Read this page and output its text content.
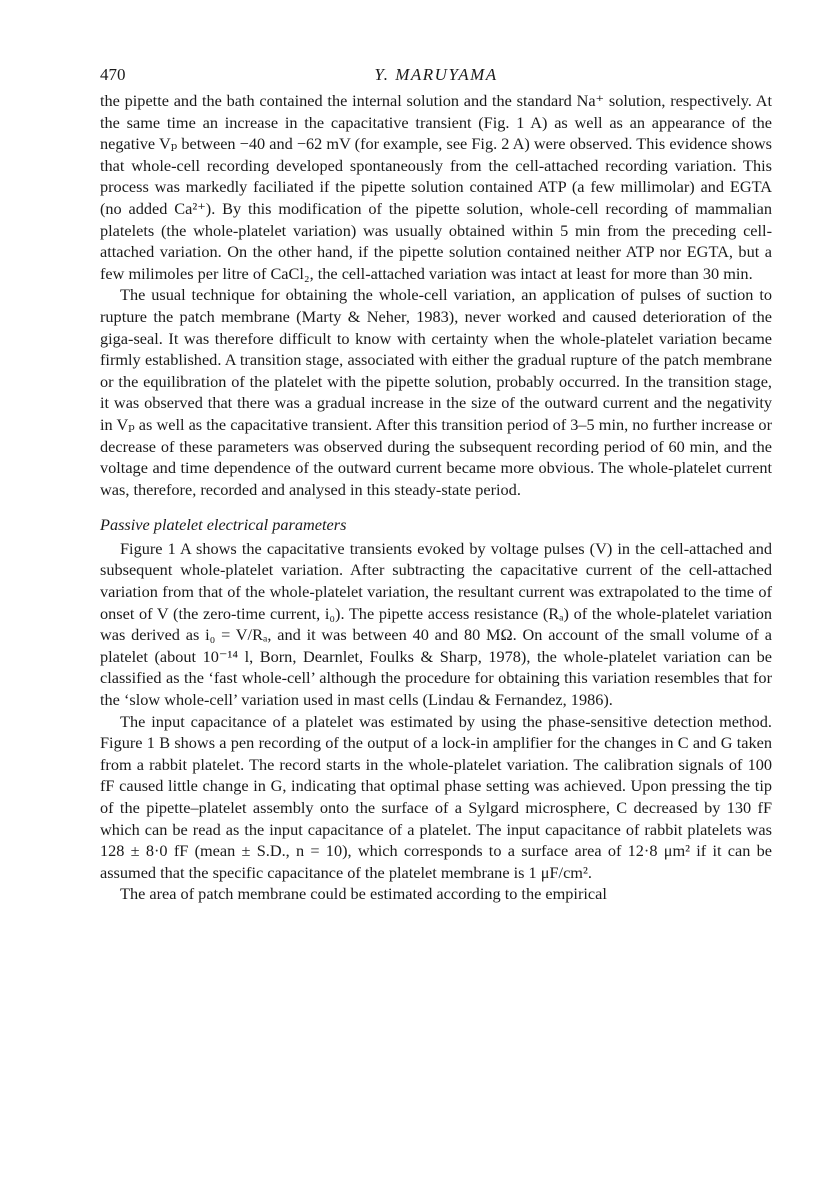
470	Y. MARUYAMA

the pipette and the bath contained the internal solution and the standard Na⁺ solution, respectively. At the same time an increase in the capacitative transient (Fig. 1 A) as well as an appearance of the negative Vₚ between −40 and −62 mV (for example, see Fig. 2 A) were observed. This evidence shows that whole-cell recording developed spontaneously from the cell-attached recording variation. This process was markedly faciliated if the pipette solution contained ATP (a few millimolar) and EGTA (no added Ca²⁺). By this modification of the pipette solution, whole-cell recording of mammalian platelets (the whole-platelet variation) was usually obtained within 5 min from the preceding cell-attached variation. On the other hand, if the pipette solution contained neither ATP nor EGTA, but a few milimoles per litre of CaCl₂, the cell-attached variation was intact at least for more than 30 min.

The usual technique for obtaining the whole-cell variation, an application of pulses of suction to rupture the patch membrane (Marty & Neher, 1983), never worked and caused deterioration of the giga-seal. It was therefore difficult to know with certainty when the whole-platelet variation became firmly established. A transition stage, associated with either the gradual rupture of the patch membrane or the equilibration of the platelet with the pipette solution, probably occurred. In the transition stage, it was observed that there was a gradual increase in the size of the outward current and the negativity in Vₚ as well as the capacitative transient. After this transition period of 3–5 min, no further increase or decrease of these parameters was observed during the subsequent recording period of 60 min, and the voltage and time dependence of the outward current became more obvious. The whole-platelet current was, therefore, recorded and analysed in this steady-state period.

Passive platelet electrical parameters

Figure 1 A shows the capacitative transients evoked by voltage pulses (V) in the cell-attached and subsequent whole-platelet variation. After subtracting the capacitative current of the cell-attached variation from that of the whole-platelet variation, the resultant current was extrapolated to the time of onset of V (the zero-time current, i₀). The pipette access resistance (Rₐ) of the whole-platelet variation was derived as i₀ = V/Rₐ, and it was between 40 and 80 MΩ. On account of the small volume of a platelet (about 10⁻¹⁴ l, Born, Dearnlet, Foulks & Sharp, 1978), the whole-platelet variation can be classified as the ‘fast whole-cell’ although the procedure for obtaining this variation resembles that for the ‘slow whole-cell’ variation used in mast cells (Lindau & Fernandez, 1986).

The input capacitance of a platelet was estimated by using the phase-sensitive detection method. Figure 1 B shows a pen recording of the output of a lock-in amplifier for the changes in C and G taken from a rabbit platelet. The record starts in the whole-platelet variation. The calibration signals of 100 fF caused little change in G, indicating that optimal phase setting was achieved. Upon pressing the tip of the pipette–platelet assembly onto the surface of a Sylgard microsphere, C decreased by 130 fF which can be read as the input capacitance of a platelet. The input capacitance of rabbit platelets was 128 ± 8·0 fF (mean ± S.D., n = 10), which corresponds to a surface area of 12·8 μm² if it can be assumed that the specific capacitance of the platelet membrane is 1 μF/cm².

The area of patch membrane could be estimated according to the empirical
